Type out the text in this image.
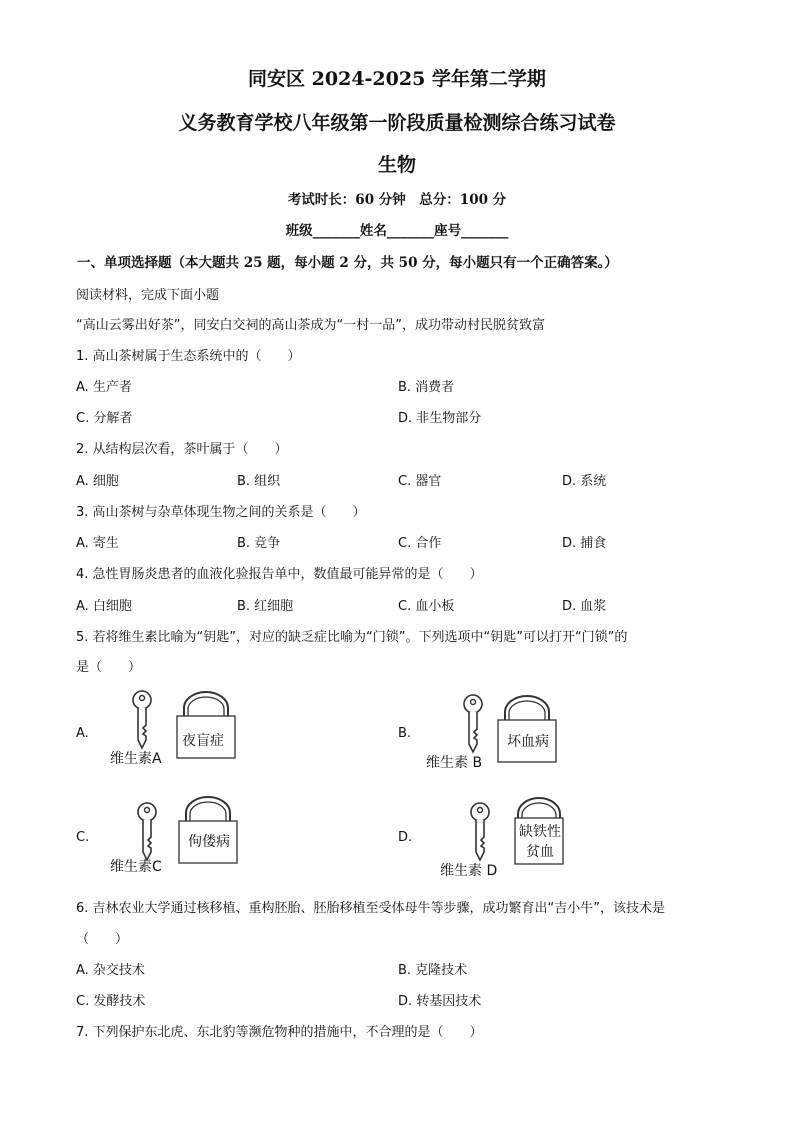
同安区 2024-2025 学年第二学期
义务教育学校八年级第一阶段质量检测综合练习试卷
生物
考试时长：60 分钟　总分：100 分
班级_______姓名_______座号_______
一、单项选择题（本大题共 25 题，每小题 2 分，共 50 分，每小题只有一个正确答案。）
阅读材料，完成下面小题
“高山云雾出好茶”，同安白交祠的高山茶成为“一村一品”，成功带动村民脱贫致富
1. 高山茶树属于生态系统中的（　　）
A. 生产者	B. 消费者
C. 分解者	D. 非生物部分
2. 从结构层次看，茶叶属于（　　）
A. 细胞	B. 组织	C. 器官	D. 系统
3. 高山茶树与杂草体现生物之间的关系是（　　）
A. 寄生	B. 竞争	C. 合作	D. 捕食
4. 急性胃肠炎患者的血液化验报告单中，数值最可能异常的是（　　）
A. 白细胞	B. 红细胞	C. 血小板	D. 血浆
5. 若将维生素比喻为“钥匙”，对应的缺乏症比喻为“门锁”。下列选项中“钥匙”可以打开“门锁”的
是（　　）
A.	夜盲症
维生素A
B.
坏血病
维生素 B
C.	佝偻病
维生素C
D.	缺铁性
贫血
维生素 D
6. 吉林农业大学通过核移植、重构胚胎、胚胎移植至受体母牛等步骤，成功繁育出“吉小牛”，该技术是
（　　）
A. 杂交技术	B. 克隆技术
C. 发酵技术	D. 转基因技术
7. 下列保护东北虎、东北豹等濒危物种的措施中，不合理的是（　　）
